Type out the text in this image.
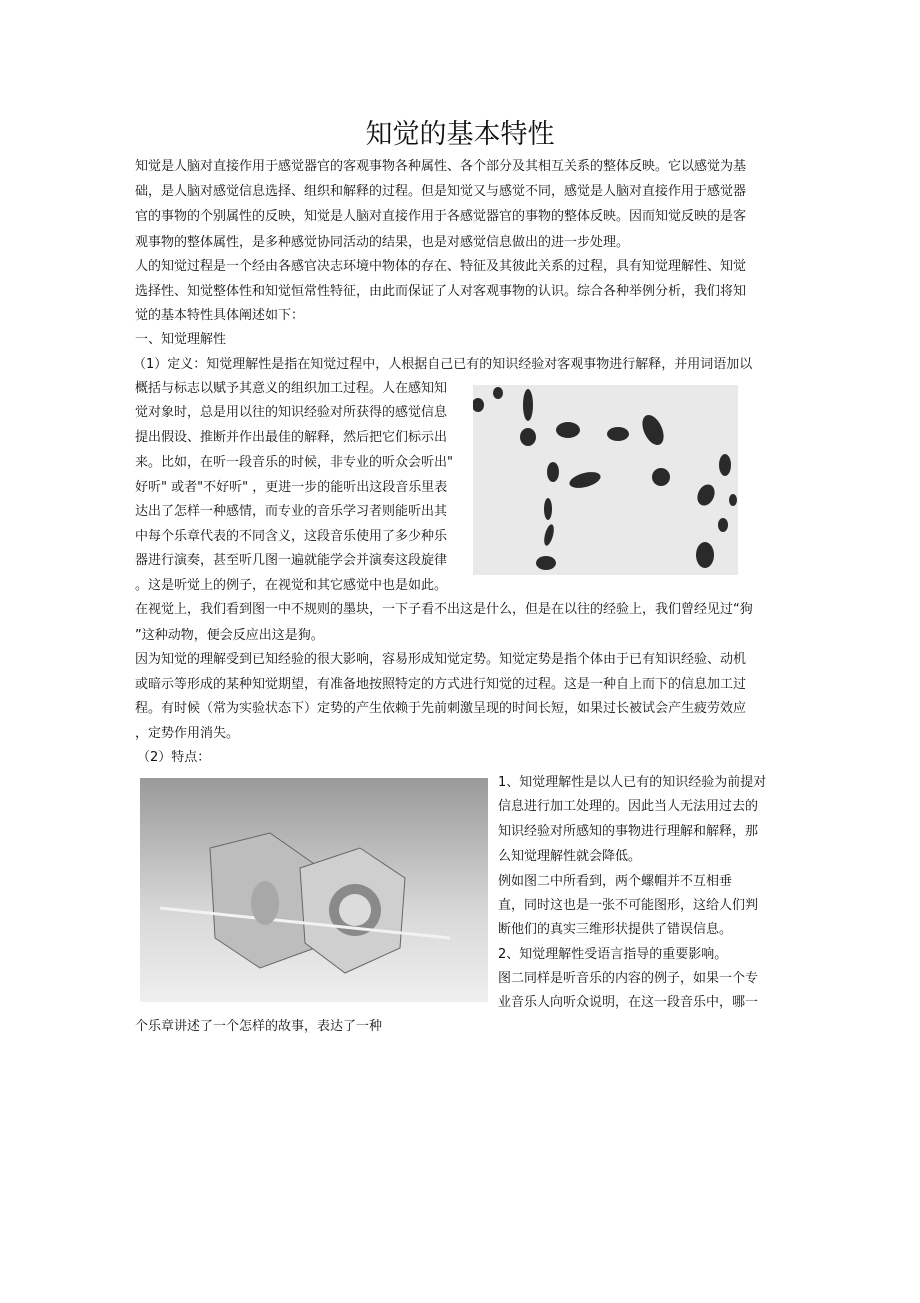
知觉的基本特性
知觉是人脑对直接作用于感觉器官的客观事物各种属性、各个部分及其相互关系的整体反映。它以感觉为基
础，是人脑对感觉信息选择、组织和解释的过程。但是知觉又与感觉不同，感觉是人脑对直接作用于感觉器
官的事物的个别属性的反映，知觉是人脑对直接作用于各感觉器官的事物的整体反映。因而知觉反映的是客
观事物的整体属性，是多种感觉协同活动的结果，也是对感觉信息做出的进一步处理。
人的知觉过程是一个经由各感官决志环境中物体的存在、特征及其彼此关系的过程，具有知觉理解性、知觉
选择性、知觉整体性和知觉恒常性特征，由此而保证了人对客观事物的认识。综合各种举例分析，我们将知
觉的基本特性具体阐述如下：
一、知觉理解性
（1）定义：知觉理解性是指在知觉过程中，人根据自己已有的知识经验对客观事物进行解释，并用词语加以
概括与标志以赋予其意义的组织加工过程。人在感知知
觉对象时，总是用以往的知识经验对所获得的感觉信息
提出假设、推断并作出最佳的解释，然后把它们标示出
来。比如，在听一段音乐的时候，非专业的听众会听出"
好听" 或者"不好听" ，更进一步的能听出这段音乐里表
达出了怎样一种感情，而专业的音乐学习者则能听出其
中每个乐章代表的不同含义，这段音乐使用了多少种乐
器进行演奏，甚至听几图一遍就能学会并演奏这段旋律
。这是听觉上的例子，在视觉和其它感觉中也是如此。
在视觉上，我们看到图一中不规则的墨块，一下子看不出这是什么，但是在以往的经验上，我们曾经见过“狗
”这种动物，便会反应出这是狗。
因为知觉的理解受到已知经验的很大影响，容易形成知觉定势。知觉定势是指个体由于已有知识经验、动机
或暗示等形成的某种知觉期望，有准备地按照特定的方式进行知觉的过程。这是一种自上而下的信息加工过
程。有时候（常为实验状态下）定势的产生依赖于先前刺激呈现的时间长短，如果过长被试会产生疲劳效应
，定势作用消失。
（2）特点：
1、知觉理解性是以人已有的知识经验为前提对
信息进行加工处理的。因此当人无法用过去的
知识经验对所感知的事物进行理解和解释，那
么知觉理解性就会降低。
例如图二中所看到，两个螺帽并不互相垂
直，同时这也是一张不可能图形，这给人们判
断他们的真实三维形状提供了错误信息。
2、知觉理解性受语言指导的重要影响。
图二同样是听音乐的内容的例子，如果一个专
业音乐人向听众说明，在这一段音乐中，哪一
个乐章讲述了一个怎样的故事，表达了一种
